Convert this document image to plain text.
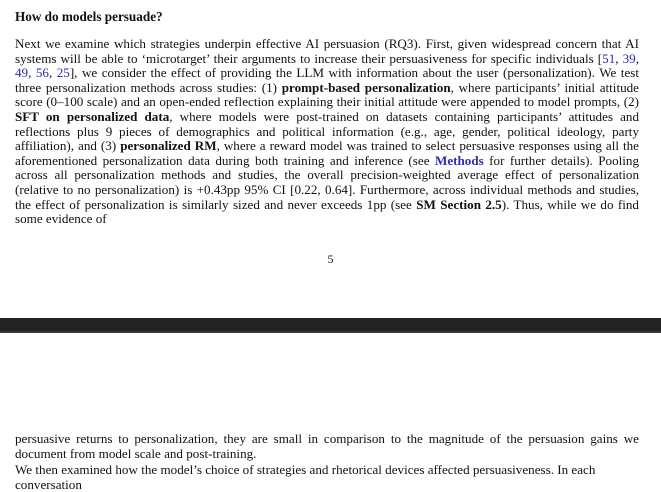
How do models persuade?
Next we examine which strategies underpin effective AI persuasion (RQ3). First, given widespread concern that AI systems will be able to ‘microtarget’ their arguments to increase their persuasiveness for specific individuals [51, 39, 49, 56, 25], we consider the effect of providing the LLM with information about the user (personalization). We test three personalization methods across studies: (1) prompt-based personalization, where participants’ initial attitude score (0–100 scale) and an open-ended reflection explaining their initial attitude were appended to model prompts, (2) SFT on personalized data, where models were post-trained on datasets containing participants’ attitudes and reflections plus 9 pieces of demographics and political information (e.g., age, gender, political ideology, party affiliation), and (3) personalized RM, where a reward model was trained to select persuasive responses using all the aforementioned personalization data during both training and inference (see Methods for further details). Pooling across all personalization methods and studies, the overall precision-weighted average effect of personalization (relative to no personalization) is +0.43pp 95% CI [0.22, 0.64]. Furthermore, across individual methods and studies, the effect of personalization is similarly sized and never exceeds 1pp (see SM Section 2.5). Thus, while we do find some evidence of
5
persuasive returns to personalization, they are small in comparison to the magnitude of the persuasion gains we document from model scale and post-training.
We then examined how the model’s choice of strategies and rhetorical devices affected persuasiveness. In each conversation
